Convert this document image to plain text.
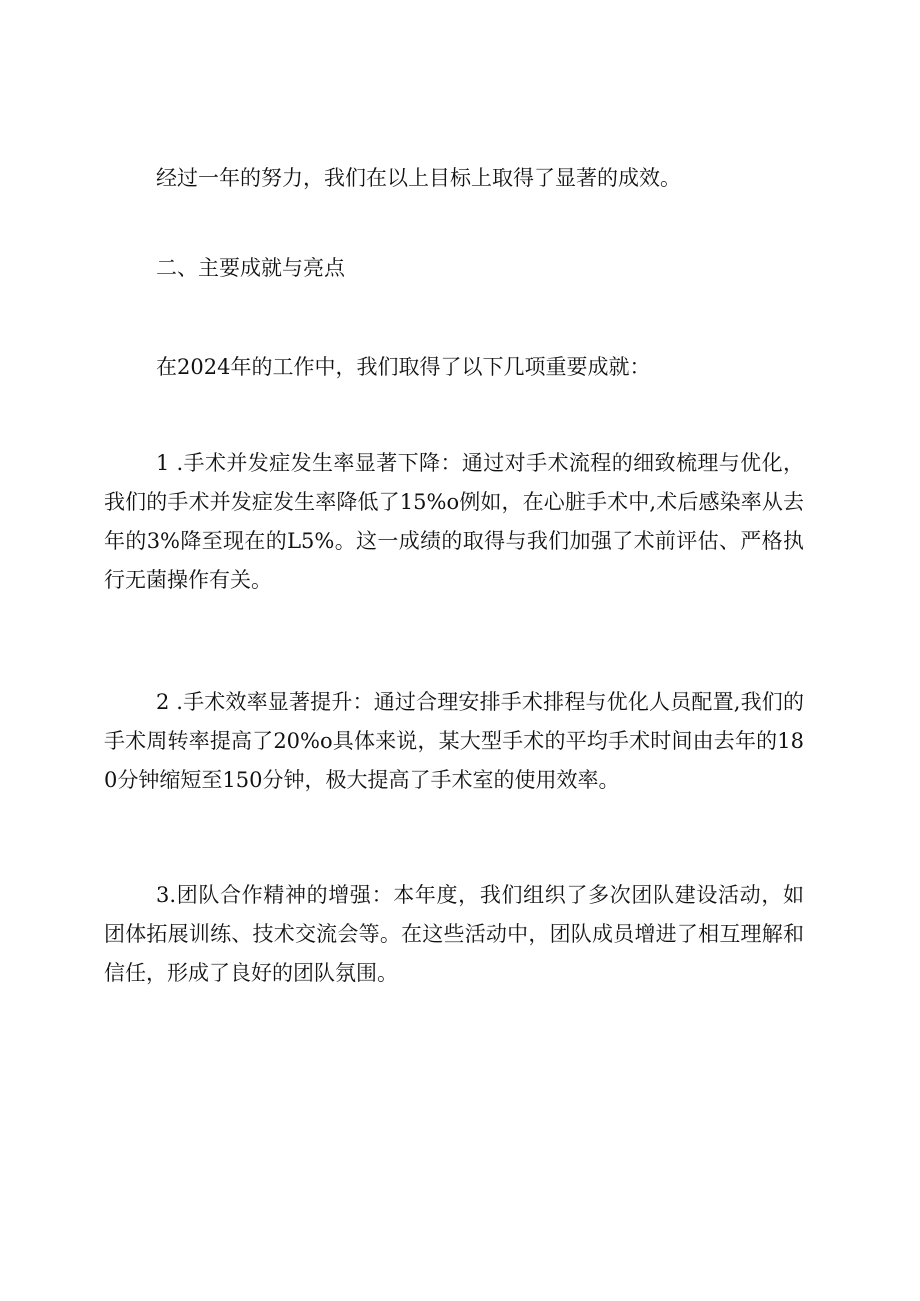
经过一年的努力，我们在以上目标上取得了显著的成效。

二、主要成就与亮点

在2024年的工作中，我们取得了以下几项重要成就：

1 .手术并发症发生率显著下降：通过对手术流程的细致梳理与优化，我们的手术并发症发生率降低了15%o例如，在心脏手术中,术后感染率从去年的3%降至现在的L5%。这一成绩的取得与我们加强了术前评估、严格执行无菌操作有关。

2 .手术效率显著提升：通过合理安排手术排程与优化人员配置,我们的手术周转率提高了20%o具体来说，某大型手术的平均手术时间由去年的180分钟缩短至150分钟，极大提高了手术室的使用效率。

3.团队合作精神的增强：本年度，我们组织了多次团队建设活动，如团体拓展训练、技术交流会等。在这些活动中，团队成员增进了相互理解和信任，形成了良好的团队氛围。
